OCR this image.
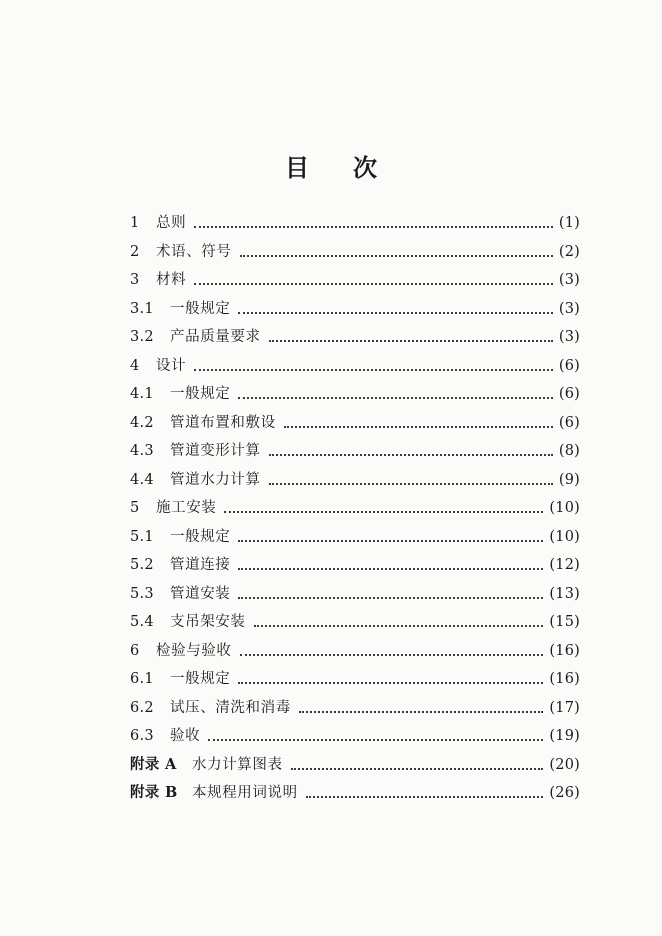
目 次
1	总则	(1)
2	术语、符号	(2)
3	材料	(3)
3.1	一般规定	(3)
3.2	产品质量要求	(3)
4	设计	(6)
4.1	一般规定	(6)
4.2	管道布置和敷设	(6)
4.3	管道变形计算	(8)
4.4	管道水力计算	(9)
5	施工安装	(10)
5.1	一般规定	(10)
5.2	管道连接	(12)
5.3	管道安装	(13)
5.4	支吊架安装	(15)
6	检验与验收	(16)
6.1	一般规定	(16)
6.2	试压、清洗和消毒	(17)
6.3	验收	(19)
附录 A	水力计算图表	(20)
附录 B 本规程用词说明	(26)
